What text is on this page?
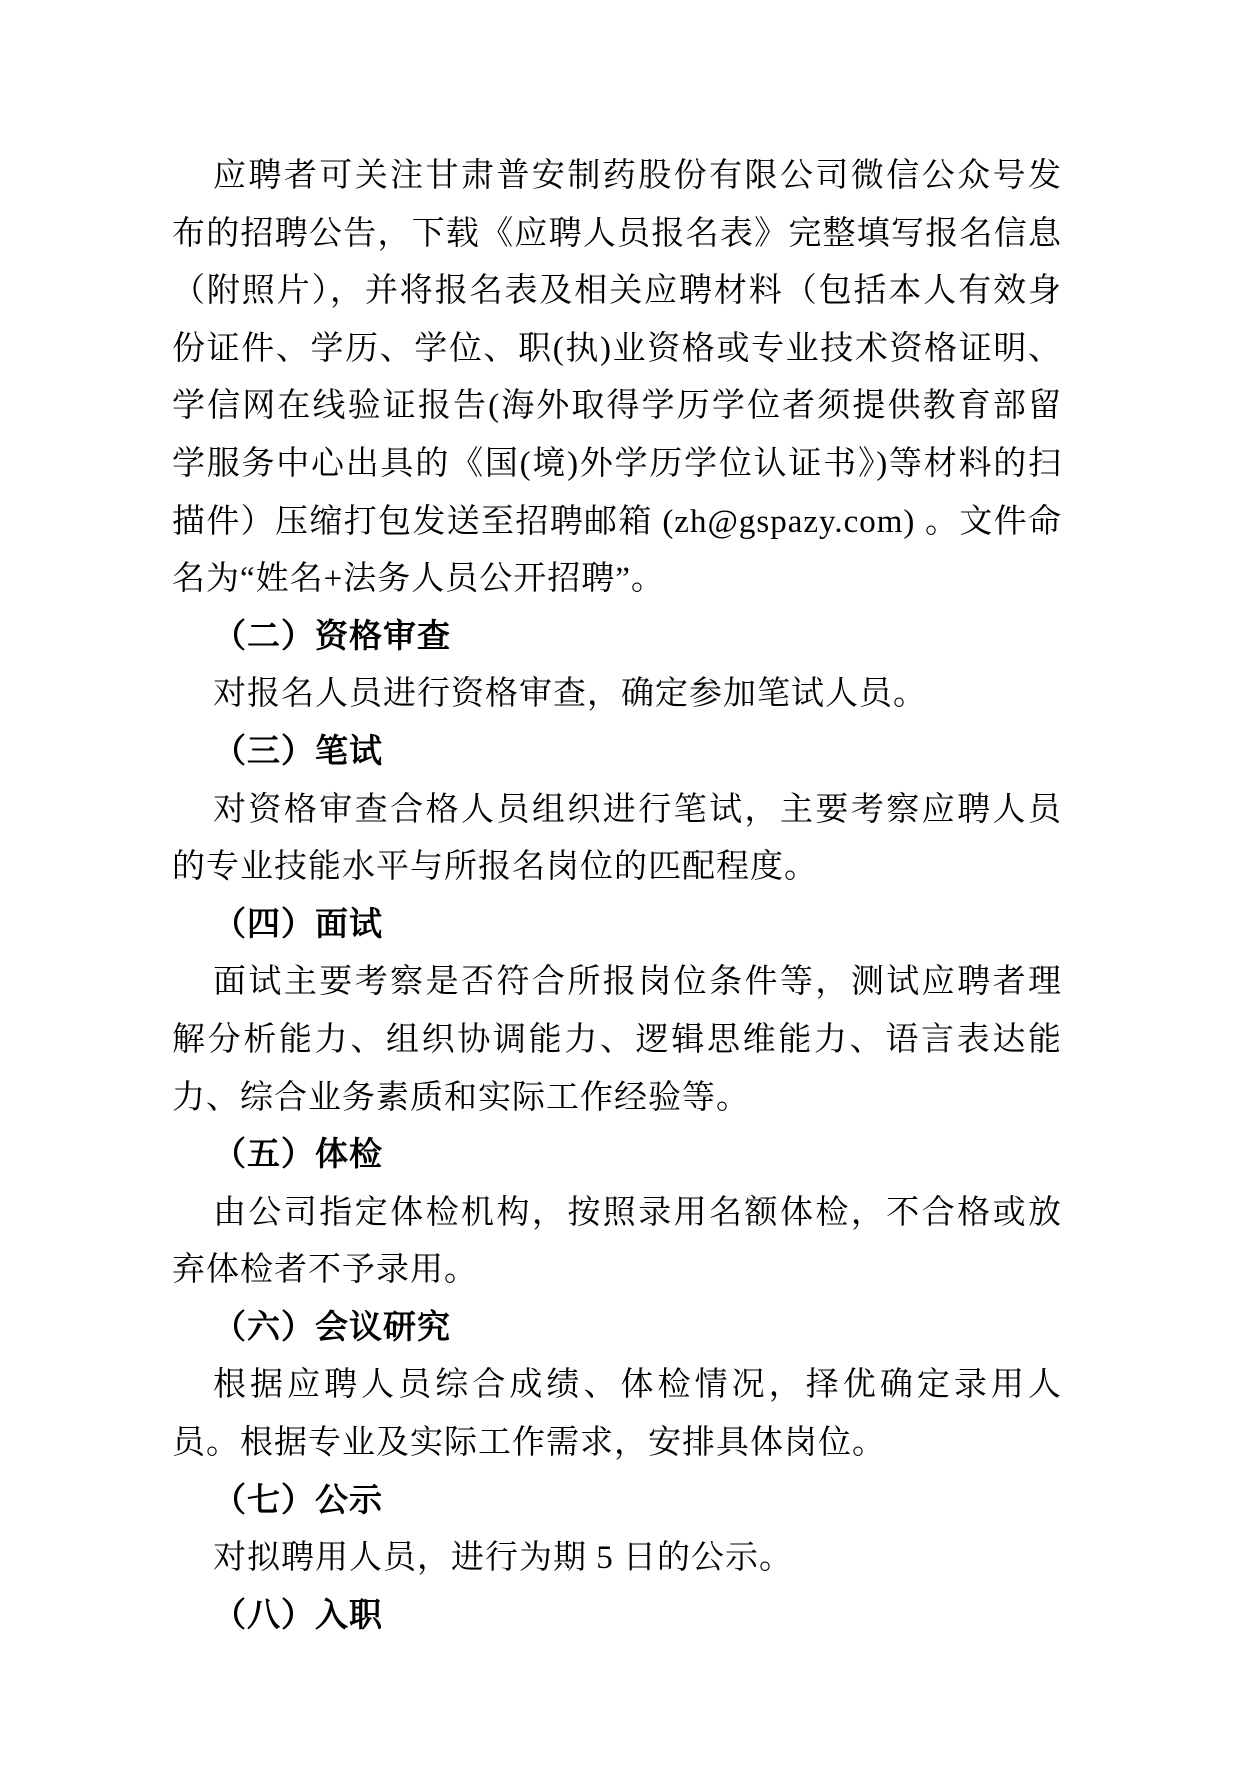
应聘者可关注甘肃普安制药股份有限公司微信公众号发布的招聘公告，下载《应聘人员报名表》完整填写报名信息（附照片），并将报名表及相关应聘材料（包括本人有效身份证件、学历、学位、职(执)业资格或专业技术资格证明、学信网在线验证报告(海外取得学历学位者须提供教育部留学服务中心出具的《国(境)外学历学位认证书》)等材料的扫描件）压缩打包发送至招聘邮箱 (zh@gspazy.com) 。文件命名为“姓名+法务人员公开招聘”。

（二）资格审查

对报名人员进行资格审查，确定参加笔试人员。

（三）笔试

对资格审查合格人员组织进行笔试，主要考察应聘人员的专业技能水平与所报名岗位的匹配程度。

（四）面试

面试主要考察是否符合所报岗位条件等，测试应聘者理解分析能力、组织协调能力、逻辑思维能力、语言表达能力、综合业务素质和实际工作经验等。

（五）体检

由公司指定体检机构，按照录用名额体检，不合格或放弃体检者不予录用。

（六）会议研究

根据应聘人员综合成绩、体检情况，择优确定录用人员。根据专业及实际工作需求，安排具体岗位。

（七）公示

对拟聘用人员，进行为期 5 日的公示。

（八）入职
